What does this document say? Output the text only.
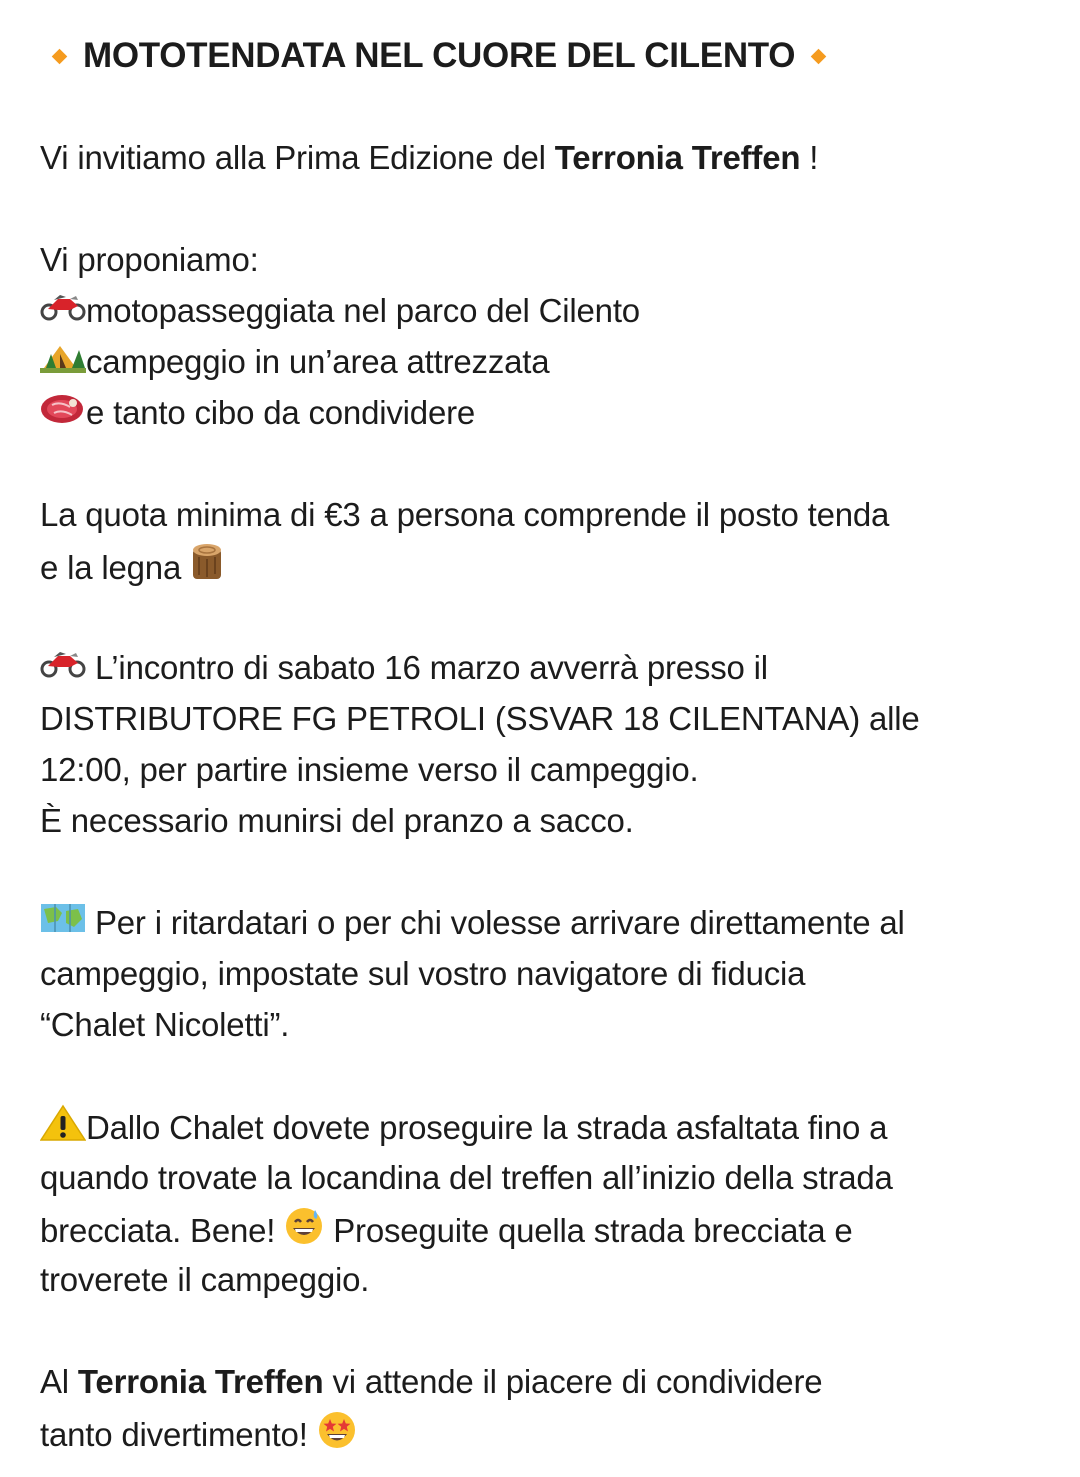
MOTOTENDATA NEL CUORE DEL CILENTO
Vi invitiamo alla Prima Edizione del Terronia Treffen !
Vi proponiamo:
motopasseggiata nel parco del Cilento
campeggio in un’area attrezzata
e tanto cibo da condividere
La quota minima di €3 a persona comprende il posto tenda
e la legna
L’incontro di sabato 16 marzo avverrà presso il
DISTRIBUTORE FG PETROLI (SSVAR 18 CILENTANA) alle
12:00, per partire insieme verso il campeggio.
È necessario munirsi del pranzo a sacco.
Per i ritardatari o per chi volesse arrivare direttamente al
campeggio, impostate sul vostro navigatore di fiducia
“Chalet Nicoletti”.
Dallo Chalet dovete proseguire la strada asfaltata fino a
quando trovate la locandina del treffen all’inizio della strada
brecciata. Bene!  Proseguite quella strada brecciata e
troverete il campeggio.
Al Terronia Treffen vi attende il piacere di condividere
tanto divertimento!
